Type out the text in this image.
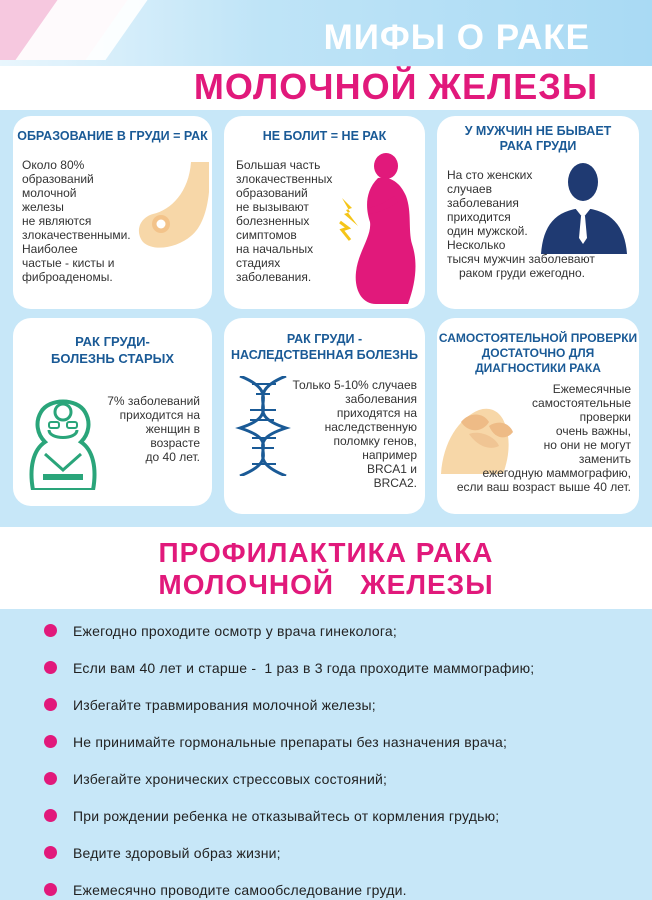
МИФЫ О РАКЕ
МОЛОЧНОЙ ЖЕЛЕЗЫ
ОБРАЗОВАНИЕ В ГРУДИ = РАК
Около 80%
образований
молочной
железы
не являются
злокачественными.
Наиболее
частые - кисты и
фиброаденомы.
НЕ БОЛИТ = НЕ РАК
Большая часть
злокачественных
образований
не вызывают
болезненных
симптомов
на начальных
стадиях
заболевания.
У МУЖЧИН НЕ БЫВАЕТ
РАКА ГРУДИ
На сто женских
случаев
заболевания
приходится
один мужской.
Несколько
тысяч мужчин заболевают
раком груди ежегодно.
РАК ГРУДИ-
БОЛЕЗНЬ СТАРЫХ
7% заболеваний
приходится на
женщин в
возрасте
до 40 лет.
РАК ГРУДИ -
НАСЛЕДСТВЕННАЯ БОЛЕЗНЬ
Только 5-10% случаев
заболевания
приходятся на
наследственную
поломку генов,
например
BRCA1 и
BRCA2.
САМОСТОЯТЕЛЬНОЙ ПРОВЕРКИ
ДОСТАТОЧНО ДЛЯ
ДИАГНОСТИКИ РАКА
Ежемесячные
самостоятельные
проверки
очень важны,
но они не могут
заменить
ежегодную маммографию,
если ваш возраст выше 40 лет.
ПРОФИЛАКТИКА РАКА
МОЛОЧНОЙ   ЖЕЛЕЗЫ
Ежегодно проходите осмотр у врача гинеколога;
Если вам 40 лет и старше -  1 раз в 3 года проходите маммографию;
Избегайте травмирования молочной железы;
Не принимайте гормональные препараты без назначения врача;
Избегайте хронических стрессовых состояний;
При рождении ребенка не отказывайтесь от кормления грудью;
Ведите здоровый образ жизни;
Ежемесячно проводите самообследование груди.
